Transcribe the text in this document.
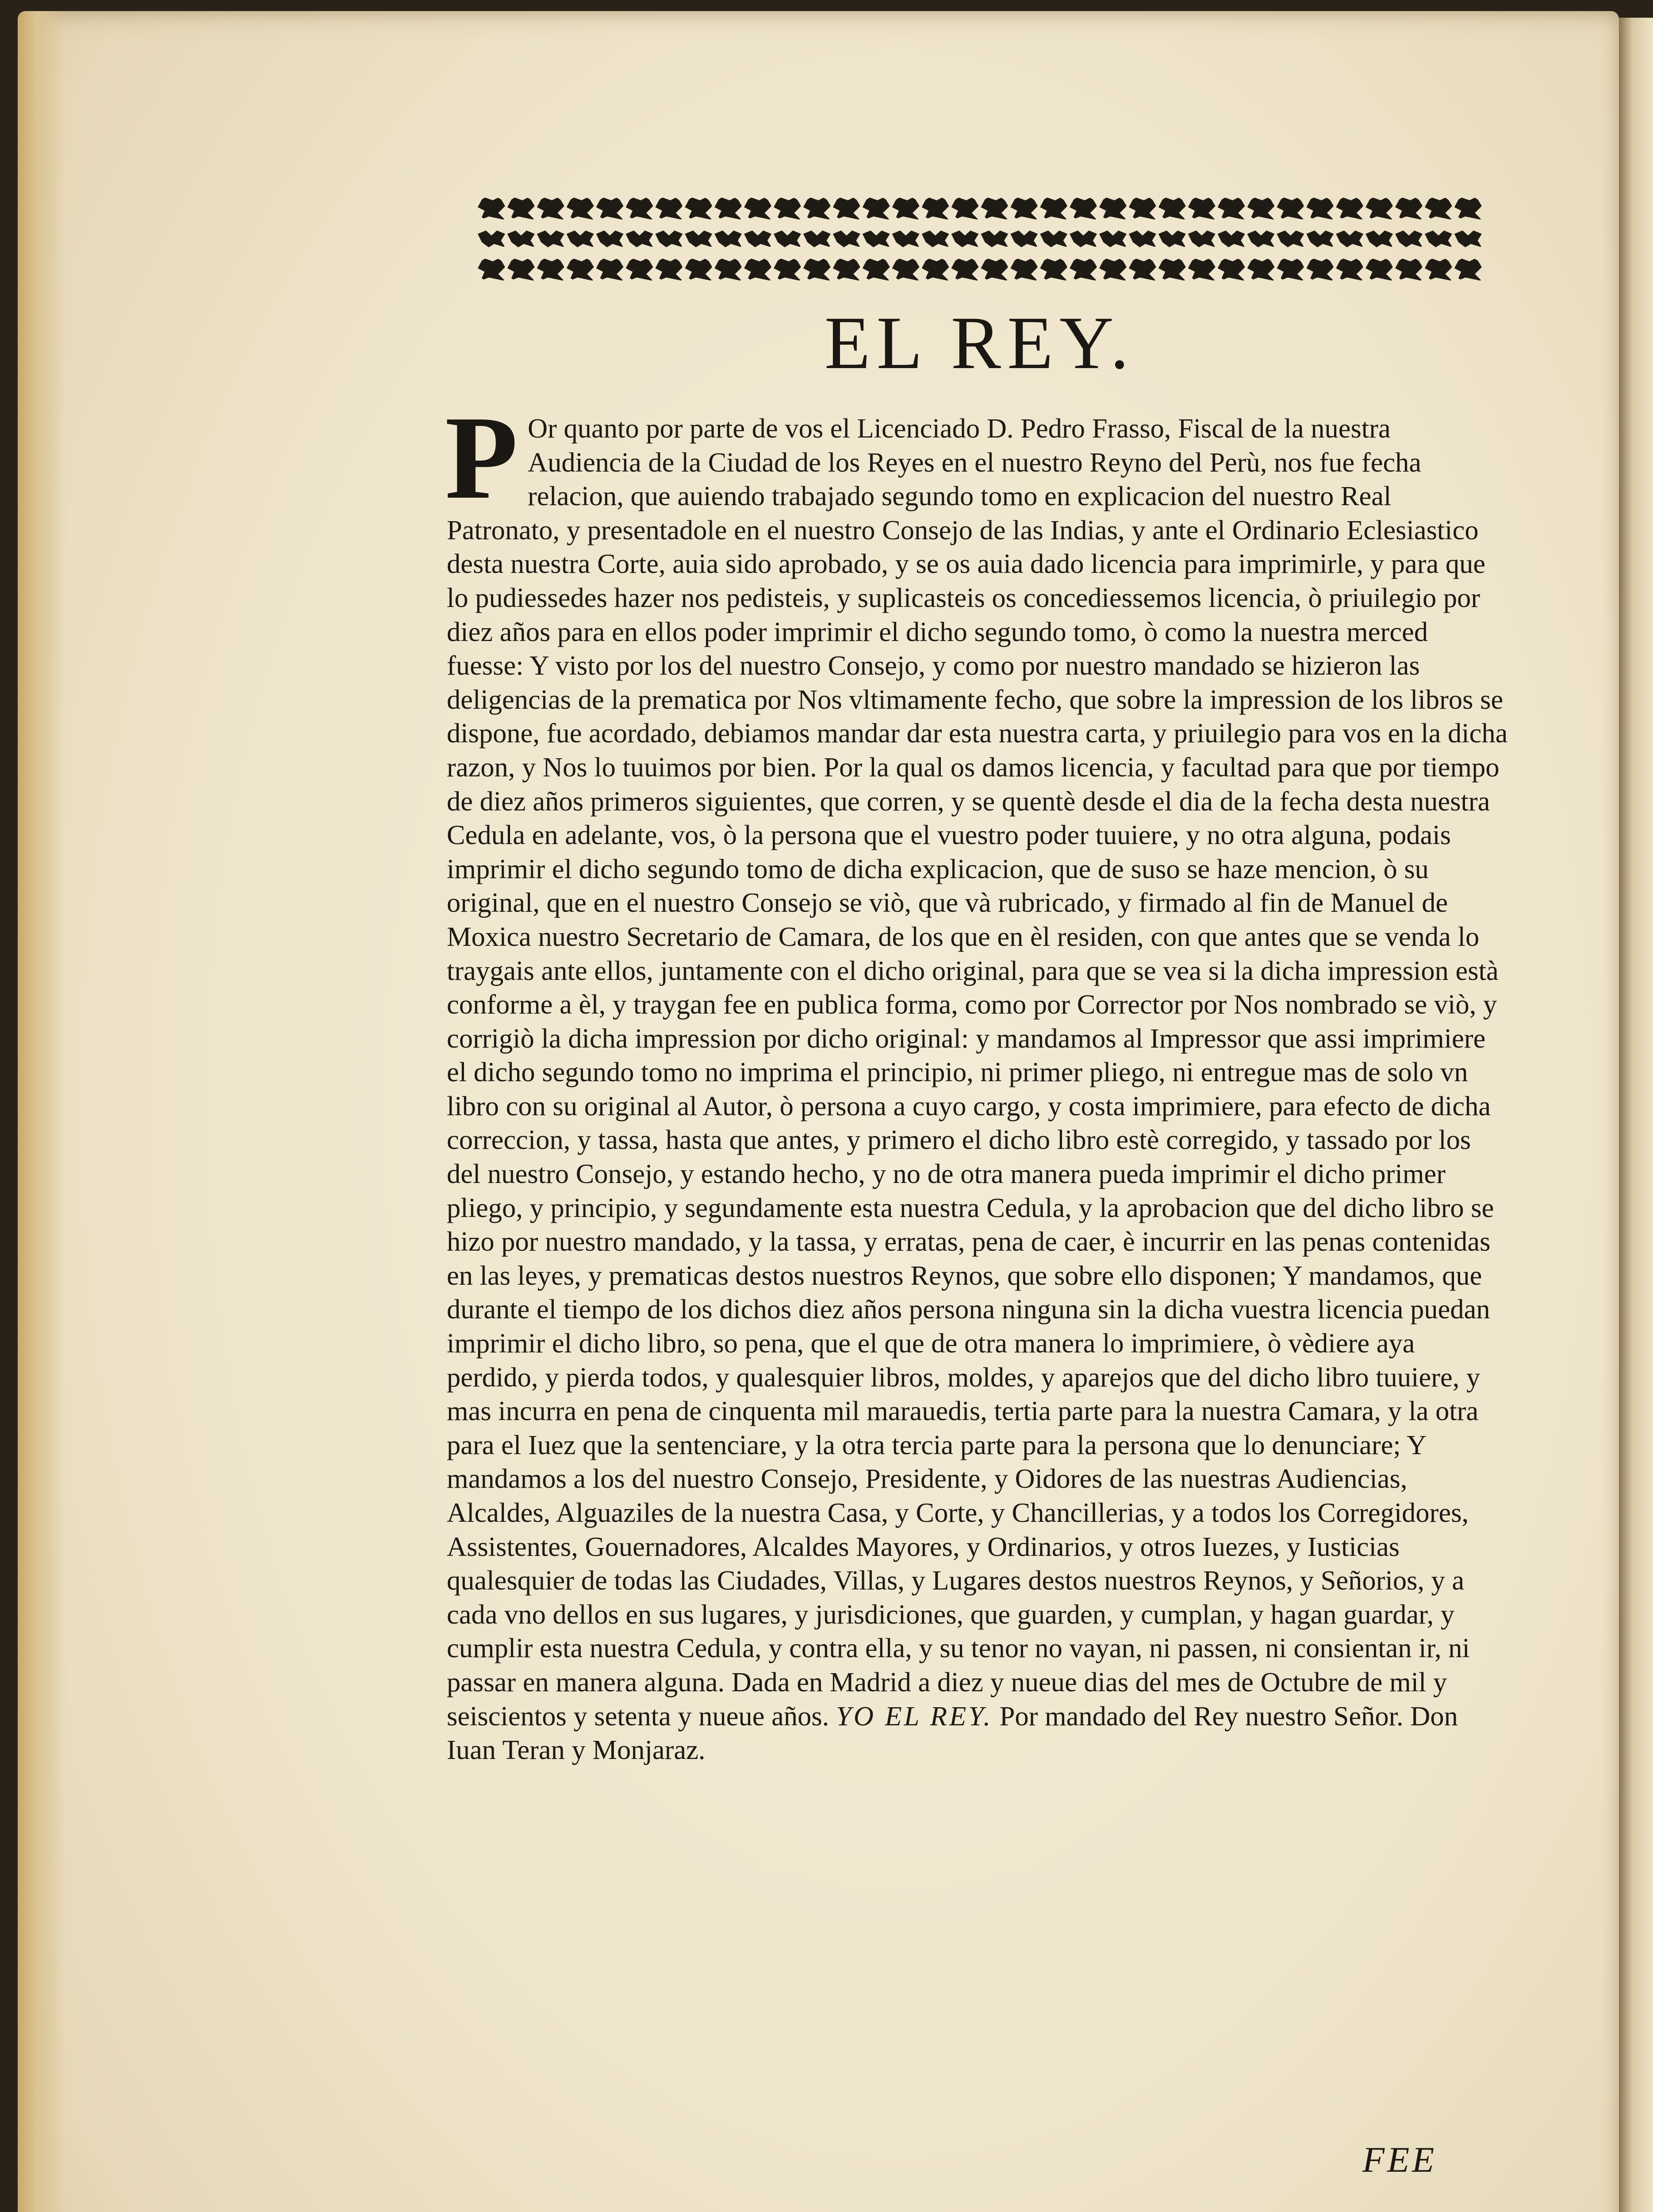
EL REY.

P Or quanto por parte de vos el Licenciado D. Pedro Frasso, Fiscal de la nuestra Audiencia de la Ciudad de los Reyes en el nuestro Reyno del Perù, nos fue fecha relacion, que auiendo trabajado segundo tomo en explicacion del nuestro Real Patronato, y presentadole en el nuestro Consejo de las Indias, y ante el Ordinario Eclesiastico desta nuestra Corte, auia sido aprobado, y se os auia dado licencia para imprimirle, y para que lo pudiessedes hazer nos pedisteis, y suplicasteis os concediessemos licencia, ò priuilegio por diez años para en ellos poder imprimir el dicho segundo tomo, ò como la nuestra merced fuesse: Y visto por los del nuestro Consejo, y como por nuestro mandado se hizieron las deligencias de la prematica por Nos vltimamente fecho, que sobre la impression de los libros se dispone, fue acordado, debiamos mandar dar esta nuestra carta, y priuilegio para vos en la dicha razon, y Nos lo tuuimos por bien. Por la qual os damos licencia, y facultad para que por tiempo de diez años primeros siguientes, que corren, y se quentè desde el dia de la fecha desta nuestra Cedula en adelante, vos, ò la persona que el vuestro poder tuuiere, y no otra alguna, podais imprimir el dicho segundo tomo de dicha explicacion, que de suso se haze mencion, ò su original, que en el nuestro Consejo se viò, que và rubricado, y firmado al fin de Manuel de Moxica nuestro Secretario de Camara, de los que en èl residen, con que antes que se venda lo traygais ante ellos, juntamente con el dicho original, para que se vea si la dicha impression està conforme a èl, y traygan fee en publica forma, como por Corrector por Nos nombrado se viò, y corrigiò la dicha impression por dicho original: y mandamos al Impressor que assi imprimiere el dicho segundo tomo no imprima el principio, ni primer pliego, ni entregue mas de solo vn libro con su original al Autor, ò persona a cuyo cargo, y costa imprimiere, para efecto de dicha correccion, y tassa, hasta que antes, y primero el dicho libro estè corregido, y tassado por los del nuestro Consejo, y estando hecho, y no de otra manera pueda imprimir el dicho primer pliego, y principio, y segundamente esta nuestra Cedula, y la aprobacion que del dicho libro se hizo por nuestro mandado, y la tassa, y erratas, pena de caer, è incurrir en las penas contenidas en las leyes, y prematicas destos nuestros Reynos, que sobre ello disponen; Y mandamos, que durante el tiempo de los dichos diez años persona ninguna sin la dicha vuestra licencia puedan imprimir el dicho libro, so pena, que el que de otra manera lo imprimiere, ò vèdiere aya perdido, y pierda todos, y qualesquier libros, moldes, y aparejos que del dicho libro tuuiere, y mas incurra en pena de cinquenta mil marauedis, tertia parte para la nuestra Camara, y la otra para el Iuez que la sentenciare, y la otra tercia parte para la persona que lo denunciare; Y mandamos a los del nuestro Consejo, Presidente, y Oidores de las nuestras Audiencias, Alcaldes, Alguaziles de la nuestra Casa, y Corte, y Chancillerias, y a todos los Corregidores, Assistentes, Gouernadores, Alcaldes Mayores, y Ordinarios, y otros Iuezes, y Iusticias qualesquier de todas las Ciudades, Villas, y Lugares destos nuestros Reynos, y Señorios, y a cada vno dellos en sus lugares, y jurisdiciones, que guarden, y cumplan, y hagan guardar, y cumplir esta nuestra Cedula, y contra ella, y su tenor no vayan, ni passen, ni consientan ir, ni passar en manera alguna. Dada en Madrid a diez y nueue dias del mes de Octubre de mil y seiscientos y setenta y nueue años. YO EL REY. Por mandado del Rey nuestro Señor. Don Iuan Teran y Monjaraz.

FEE
